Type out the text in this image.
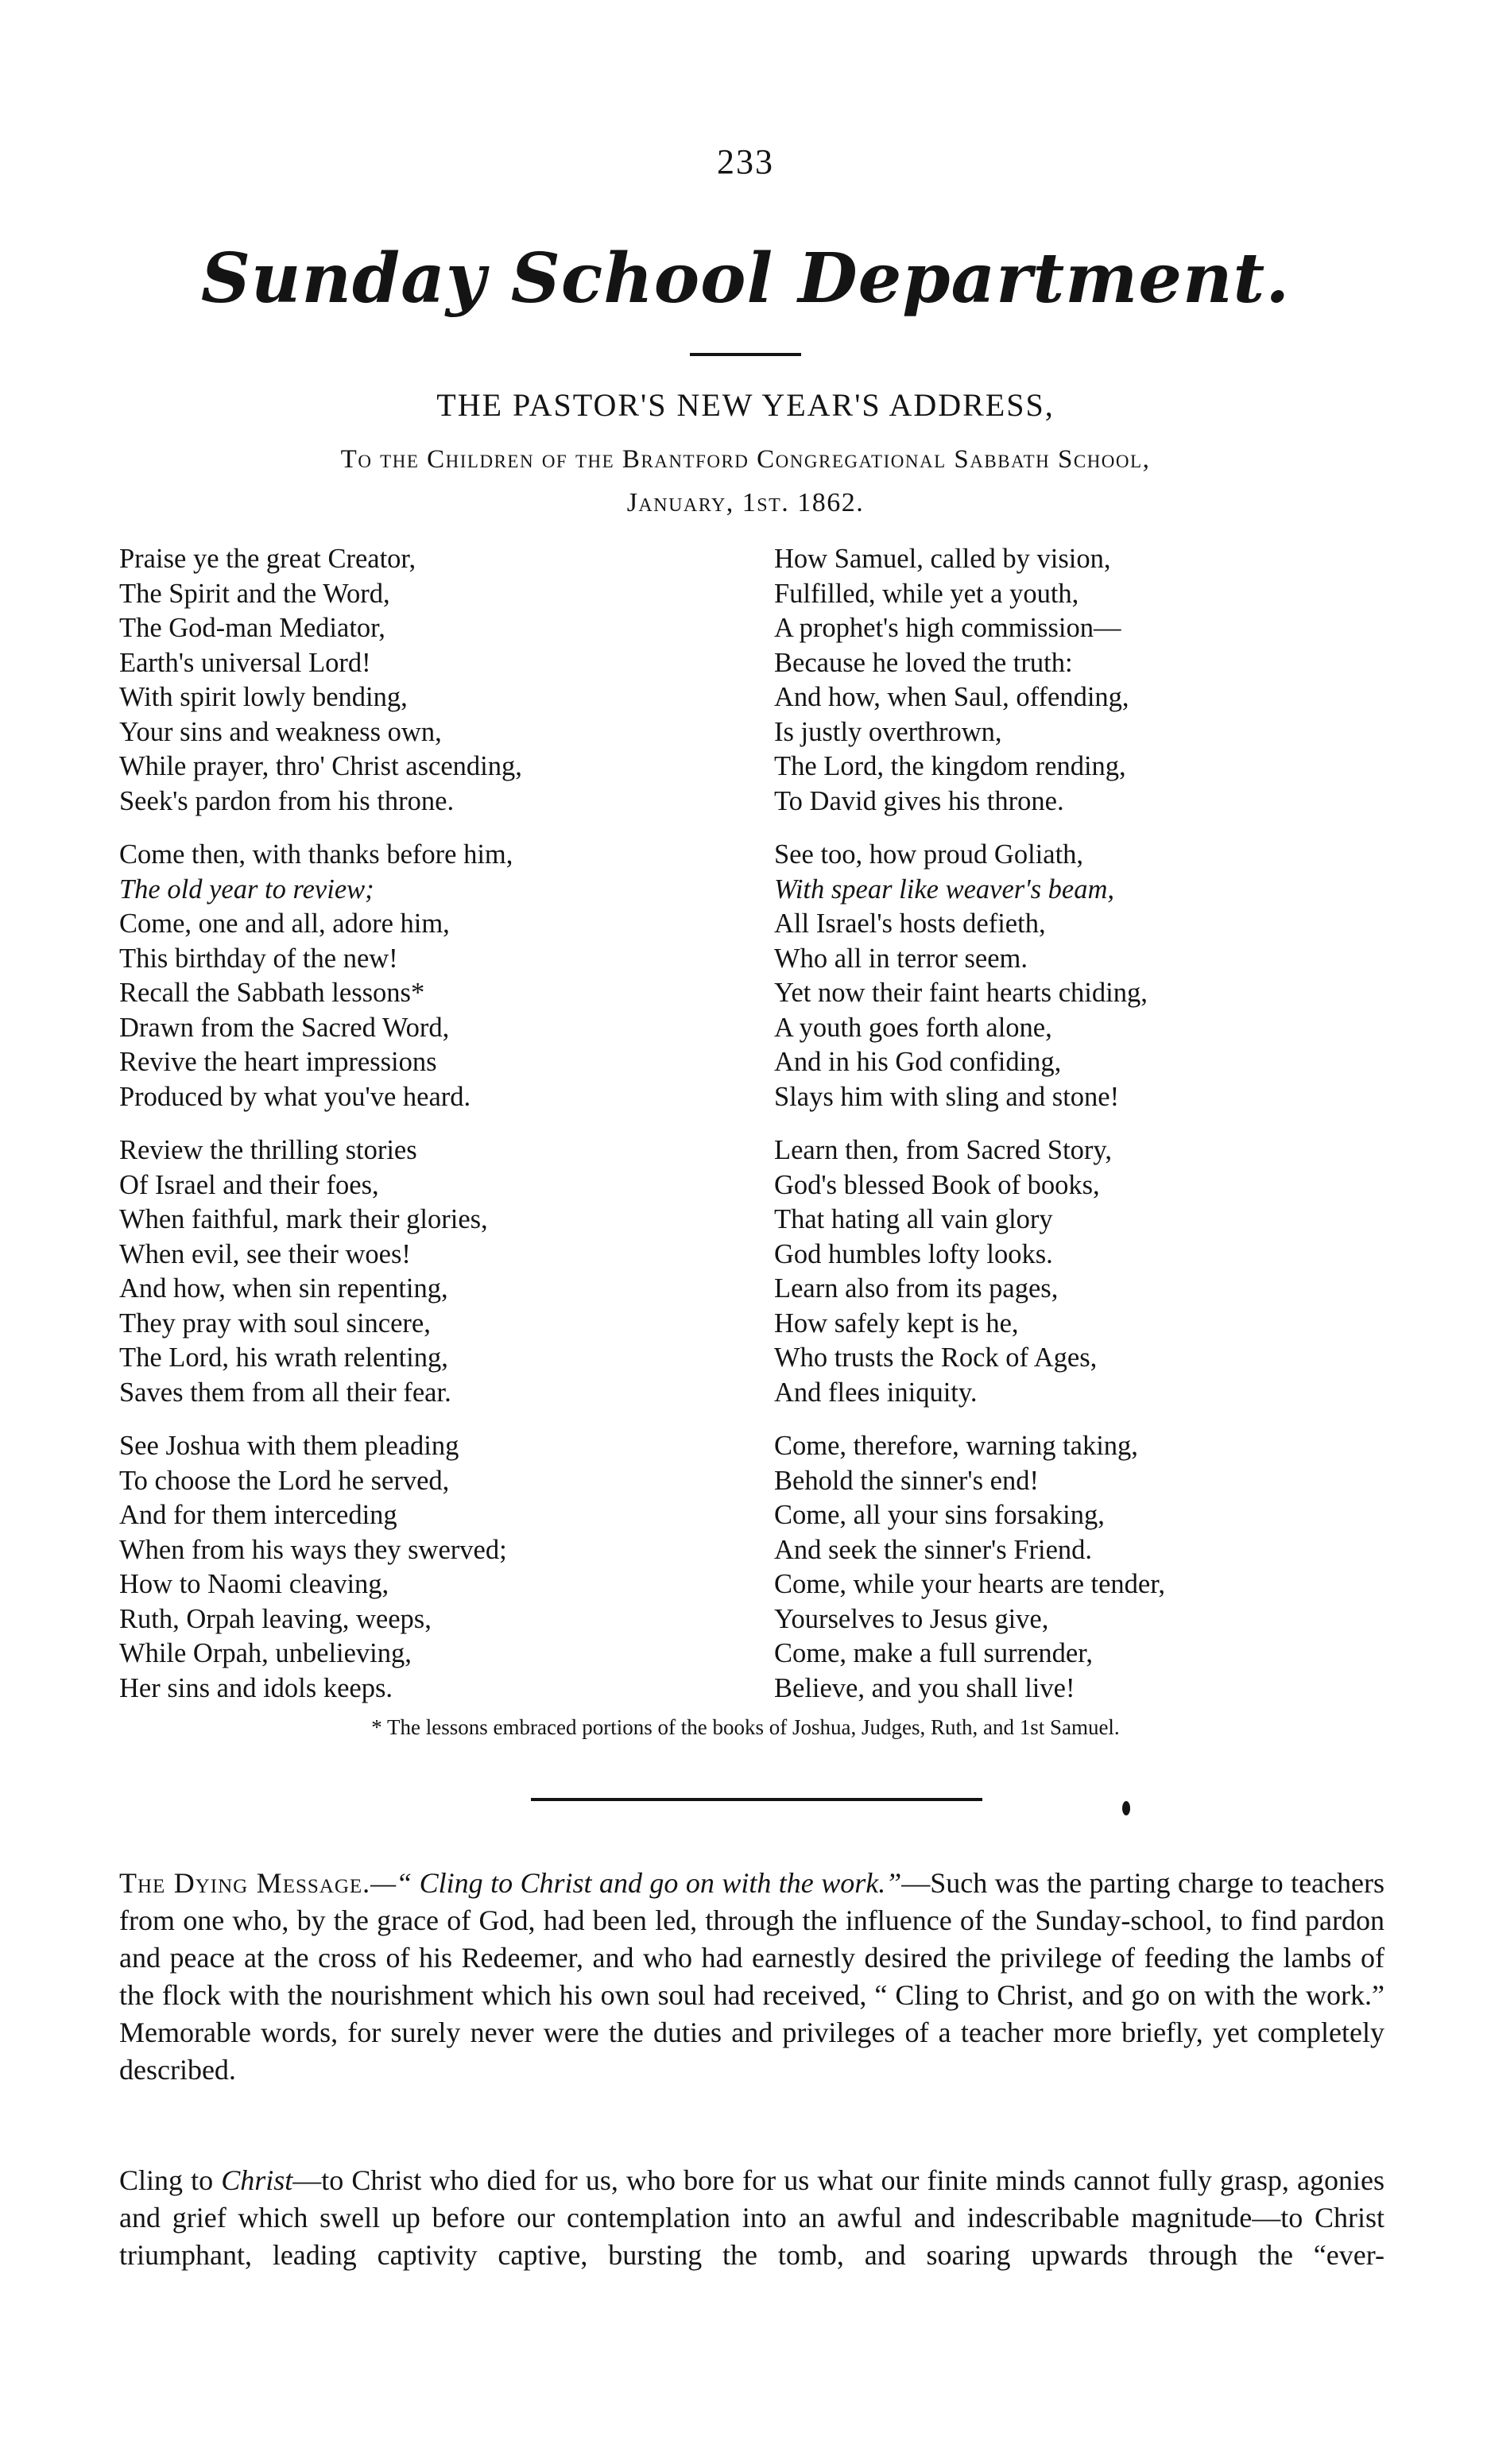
233
Sunday School Department.
THE PASTOR'S NEW YEAR'S ADDRESS,
To the Children of the Brantford Congregational Sabbath School,
January, 1st. 1862.
Praise ye the great Creator,
The Spirit and the Word,
The God-man Mediator,
Earth's universal Lord!
With spirit lowly bending,
Your sins and weakness own,
While prayer, thro' Christ ascending,
Seek's pardon from his throne.
Come then, with thanks before him,
The old year to review;
Come, one and all, adore him,
This birthday of the new!
Recall the Sabbath lessons*
Drawn from the Sacred Word,
Revive the heart impressions
Produced by what you've heard.
Review the thrilling stories
Of Israel and their foes,
When faithful, mark their glories,
When evil, see their woes!
And how, when sin repenting,
They pray with soul sincere,
The Lord, his wrath relenting,
Saves them from all their fear.
See Joshua with them pleading
To choose the Lord he served,
And for them interceding
When from his ways they swerved;
How to Naomi cleaving,
Ruth, Orpah leaving, weeps,
While Orpah, unbelieving,
Her sins and idols keeps.
How Samuel, called by vision,
Fulfilled, while yet a youth,
A prophet's high commission—
Because he loved the truth:
And how, when Saul, offending,
Is justly overthrown,
The Lord, the kingdom rending,
To David gives his throne.
See too, how proud Goliath,
With spear like weaver's beam,
All Israel's hosts defieth,
Who all in terror seem.
Yet now their faint hearts chiding,
A youth goes forth alone,
And in his God confiding,
Slays him with sling and stone!
Learn then, from Sacred Story,
God's blessed Book of books,
That hating all vain glory
God humbles lofty looks.
Learn also from its pages,
How safely kept is he,
Who trusts the Rock of Ages,
And flees iniquity.
Come, therefore, warning taking,
Behold the sinner's end!
Come, all your sins forsaking,
And seek the sinner's Friend.
Come, while your hearts are tender,
Yourselves to Jesus give,
Come, make a full surrender,
Believe, and you shall live!
* The lessons embraced portions of the books of Joshua, Judges, Ruth, and 1st Samuel.

The Dying Message.—“ Cling to Christ and go on with the work.”—Such was the parting charge to teachers from one who, by the grace of God, had been led, through the influence of the Sunday-school, to find pardon and peace at the cross of his Redeemer, and who had earnestly desired the privilege of feeding the lambs of the flock with the nourishment which his own soul had received, “ Cling to Christ, and go on with the work.” Memorable words, for surely never were the duties and privileges of a teacher more briefly, yet completely described.

Cling to Christ—to Christ who died for us, who bore for us what our finite minds cannot fully grasp, agonies and grief which swell up before our contemplation into an awful and indescribable magnitude—to Christ triumphant, leading captivity captive, bursting the tomb, and soaring upwards through the “ever-
